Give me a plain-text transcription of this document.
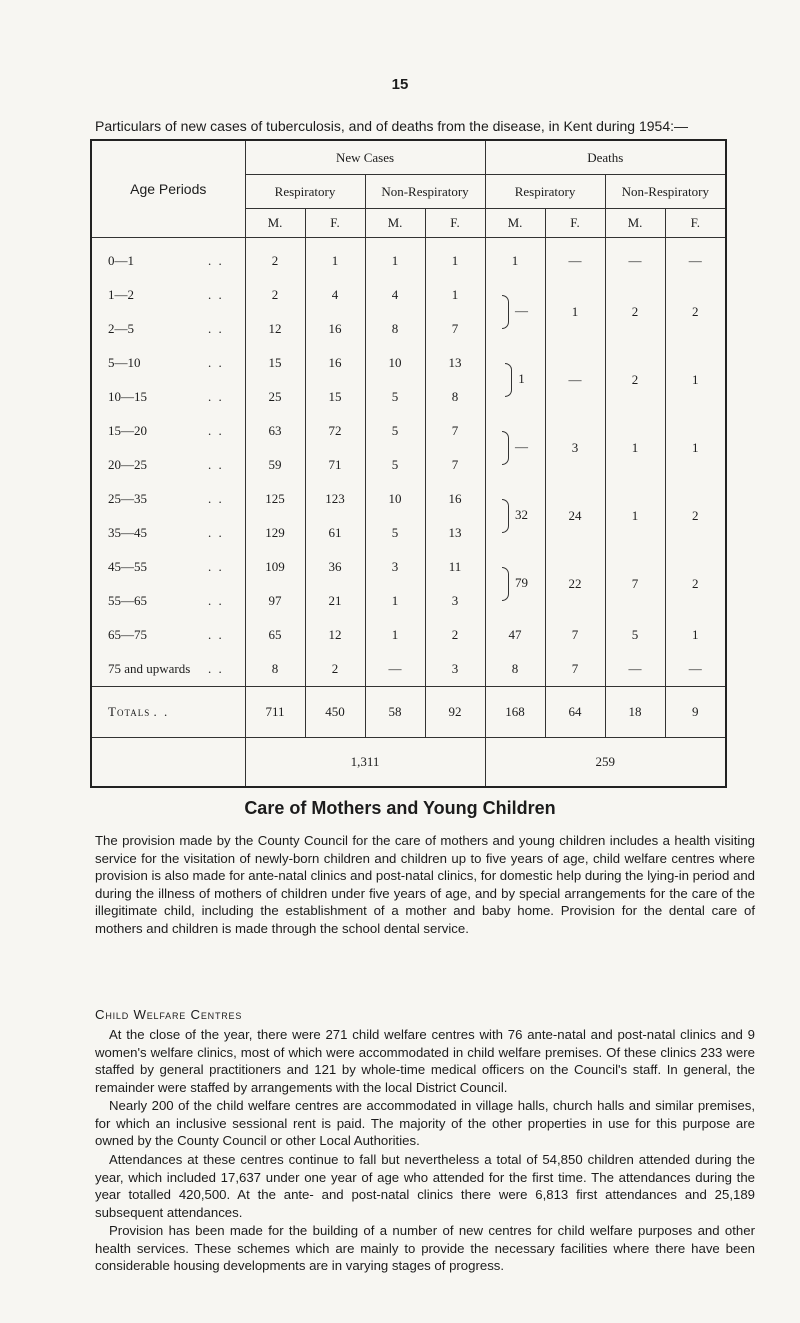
15
Particulars of new cases of tuberculosis, and of deaths from the disease, in Kent during 1954:—
Age Periods	New Cases				Deaths			
	Respiratory		Non-Respiratory		Respiratory		Non-Respiratory	
	M.	F.	M.	F.	M.	F.	M.	F.
0—1 . .	2	1	1	1	1	—	—	—
1—2 . .	2	4	4	1	—	1	2	2
2—5 . .	12	16	8	7				
5—10 . .	15	16	10	13	1	—	2	1
10—15 . .	25	15	5	8				
15—20 . .	63	72	5	7	—	3	1	1
20—25 . .	59	71	5	7				
25—35 . .	125	123	10	16	32	24	1	2
35—45 . .	129	61	5	13				
45—55 . .	109	36	3	11	79	22	7	2
55—65 . .	97	21	1	3				
65—75 . .	65	12	1	2	47	7	5	1
75 and upwards . .	8	2	—	3	8	7	—	—
Totals . .	711	450	58	92	168	64	18	9
	1,311				259			
Care of Mothers and Young Children

The provision made by the County Council for the care of mothers and young children includes a health visiting service for the visitation of newly-born children and children up to five years of age, child welfare centres where provision is also made for ante-natal clinics and post-natal clinics, for domestic help during the lying-in period and during the illness of mothers of children under five years of age, and by special arrangements for the care of the illegitimate child, including the establishment of a mother and baby home. Provision for the dental care of mothers and children is made through the school dental service.

Child Welfare Centres

At the close of the year, there were 271 child welfare centres with 76 ante-natal and post-natal clinics and 9 women's welfare clinics, most of which were accommodated in child welfare premises. Of these clinics 233 were staffed by general practitioners and 121 by whole-time medical officers on the Council's staff. In general, the remainder were staffed by arrangements with the local District Council.

Nearly 200 of the child welfare centres are accommodated in village halls, church halls and similar premises, for which an inclusive sessional rent is paid. The majority of the other properties in use for this purpose are owned by the County Council or other Local Authorities.

Attendances at these centres continue to fall but nevertheless a total of 54,850 children attended during the year, which included 17,637 under one year of age who attended for the first time. The attendances during the year totalled 420,500. At the ante- and post-natal clinics there were 6,813 first attendances and 25,189 subsequent attendances.

Provision has been made for the building of a number of new centres for child welfare purposes and other health services. These schemes which are mainly to provide the necessary facilities where there have been considerable housing developments are in varying stages of progress.
